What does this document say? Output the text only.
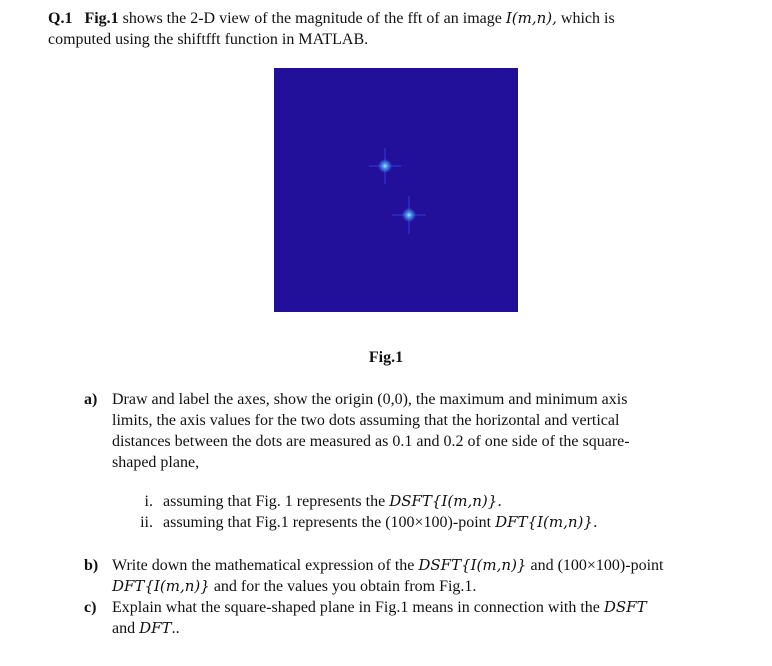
Q.1 Fig.1 shows the 2-D view of the magnitude of the fft of an image I(m,n), which is
computed using the shiftfft function in MATLAB.
Fig.1
a) Draw and label the axes, show the origin (0,0), the maximum and minimum axis
limits, the axis values for the two dots assuming that the horizontal and vertical
distances between the dots are measured as 0.1 and 0.2 of one side of the square-
shaped plane,
i. assuming that Fig. 1 represents the DSFT{I(m,n)}.
ii. assuming that Fig.1 represents the (100×100)-point DFT{I(m,n)}.
b) Write down the mathematical expression of the DSFT{I(m,n)} and (100×100)-point
DFT{I(m,n)} and for the values you obtain from Fig.1.
c) Explain what the square-shaped plane in Fig.1 means in connection with the DSFT
and DFT..
